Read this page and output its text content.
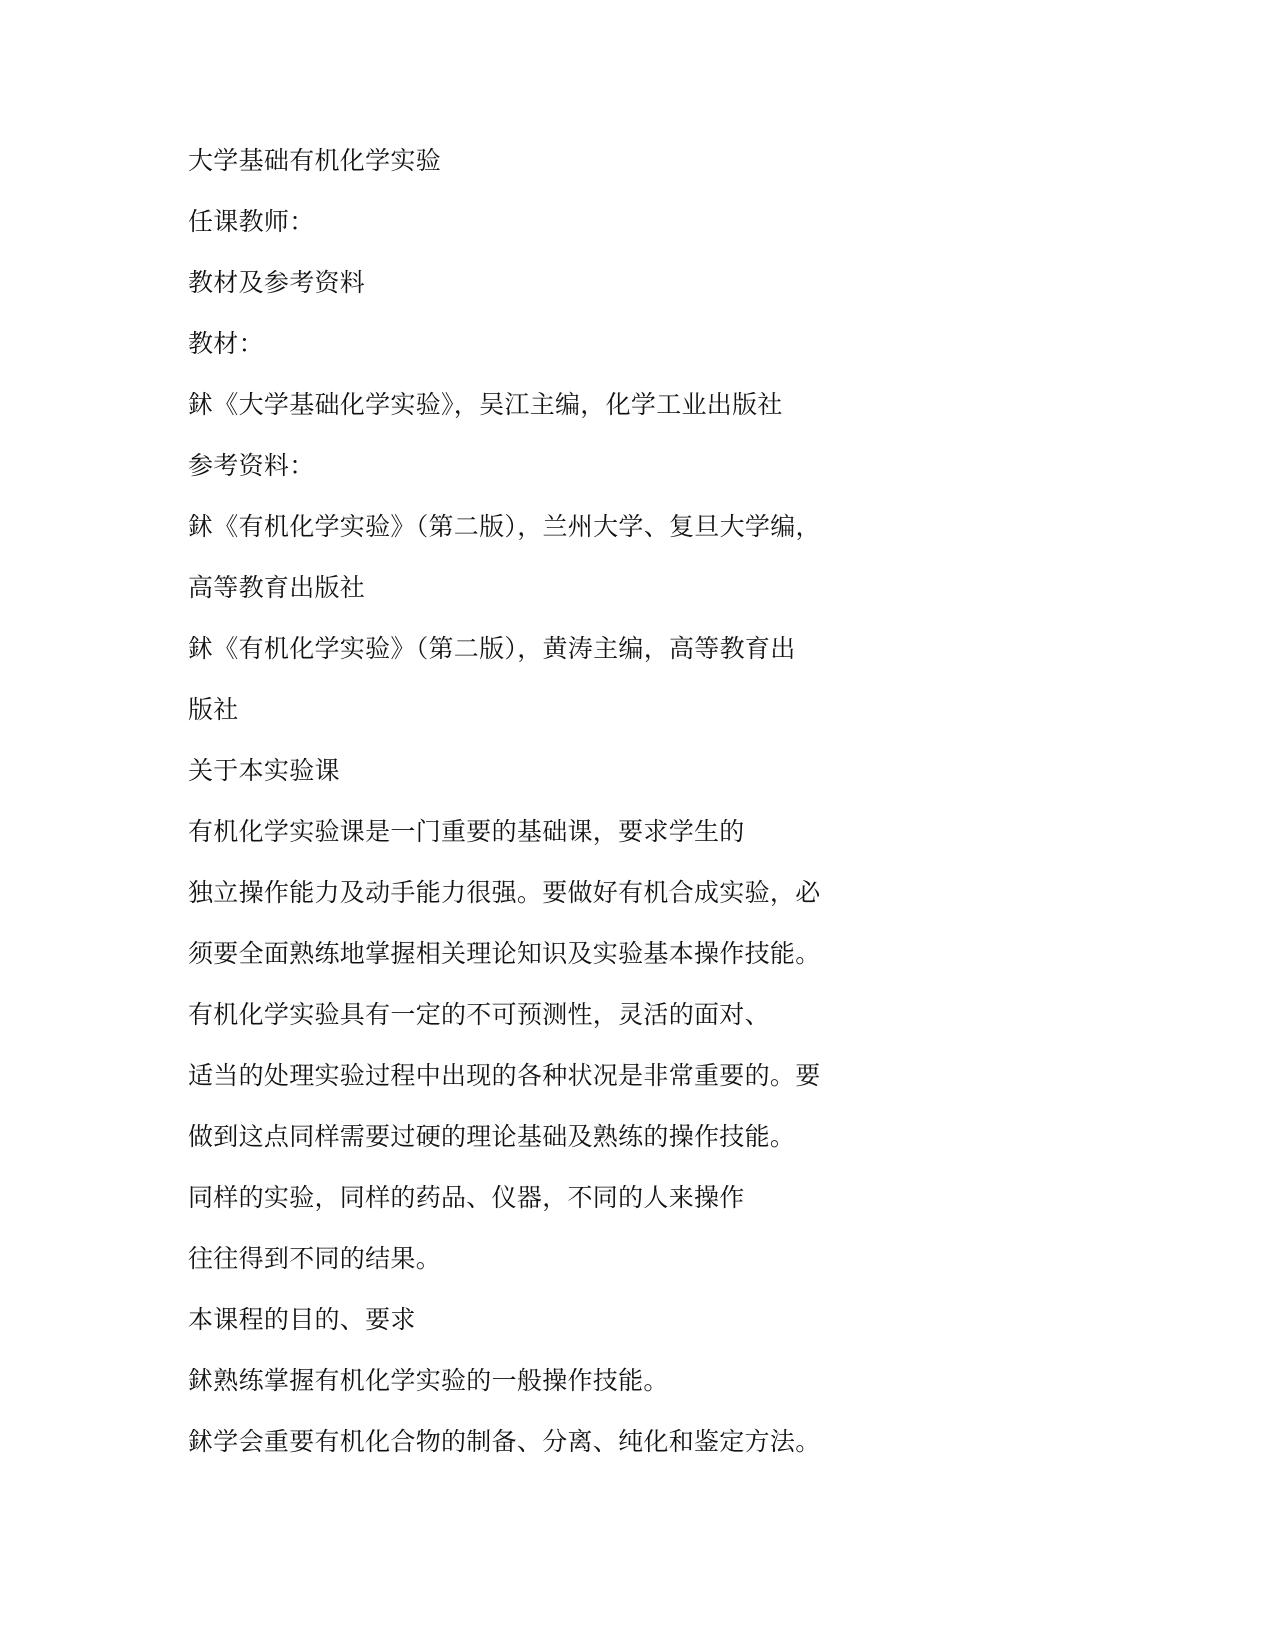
大学基础有机化学实验
任课教师：
教材及参考资料
教材：
鉥《大学基础化学实验》，吴江主编，化学工业出版社
参考资料：
鉥《有机化学实验》（第二版），兰州大学、复旦大学编，
高等教育出版社
鉥《有机化学实验》（第二版），黄涛主编，高等教育出
版社
关于本实验课
有机化学实验课是一门重要的基础课，要求学生的
独立操作能力及动手能力很强。要做好有机合成实验，必
须要全面熟练地掌握相关理论知识及实验基本操作技能。
有机化学实验具有一定的不可预测性，灵活的面对、
适当的处理实验过程中出现的各种状况是非常重要的。要
做到这点同样需要过硬的理论基础及熟练的操作技能。
同样的实验，同样的药品、仪器，不同的人来操作
往往得到不同的结果。
本课程的目的、要求
鉥熟练掌握有机化学实验的一般操作技能。
鉥学会重要有机化合物的制备、分离、纯化和鉴定方法。
